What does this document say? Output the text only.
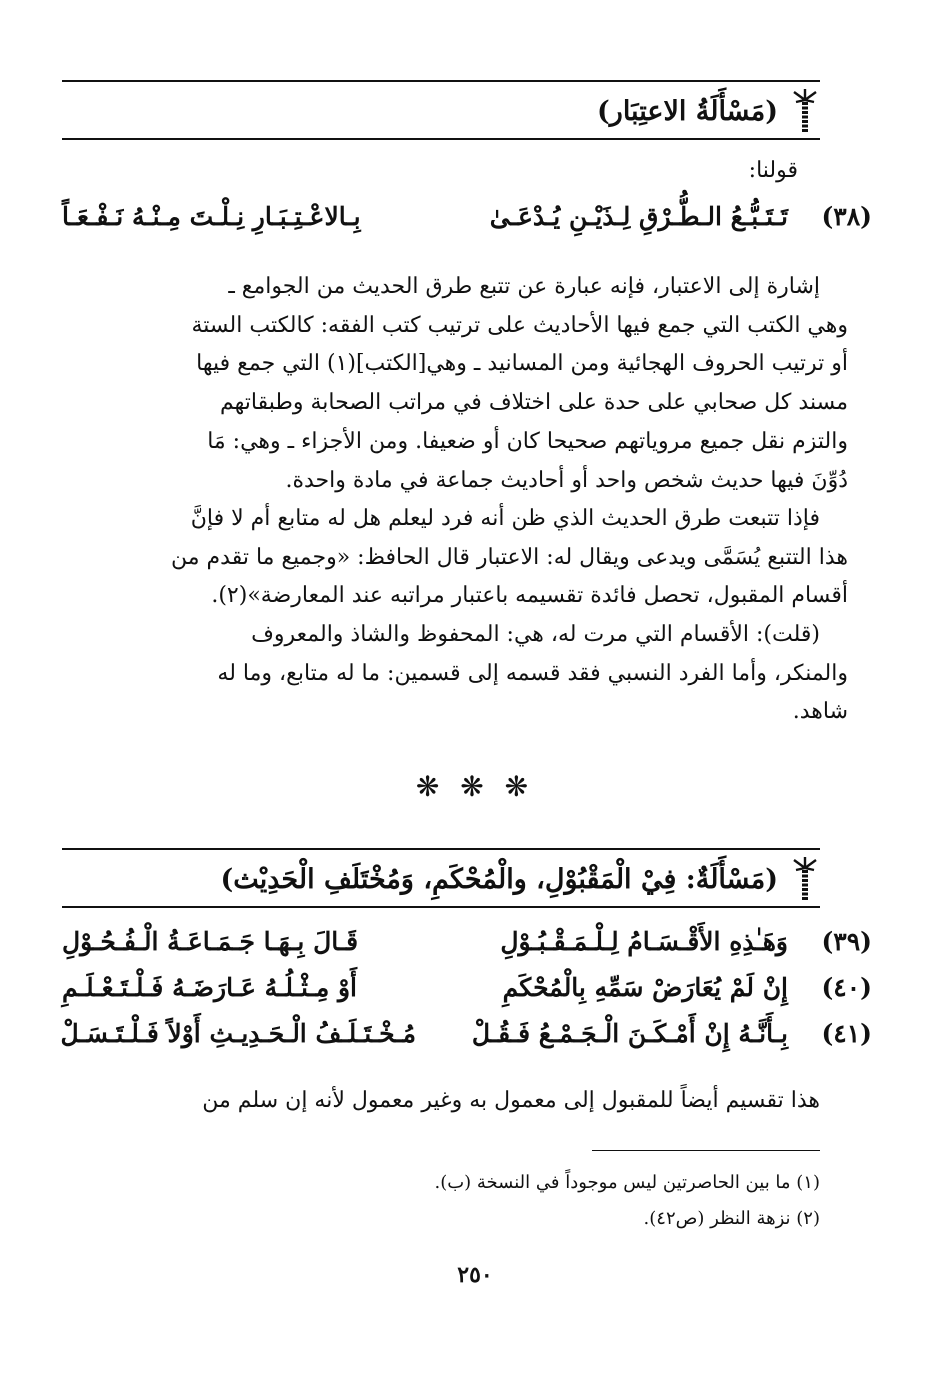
(مَسْأَلَةُ الاعتِبَار)
قولنا:
(٣٨)
تَـتَـبُّـعُ الـطُّـرْقِ لِـذَيْـنِ يُـدْعَـىٰ
بِـالاعْـتِـبَـارِ نِـلْـتَ مِـنْـهُ نَـفْـعَـاً
إشارة إلى الاعتبار، فإنه عبارة عن تتبع طرق الحديث من الجوامع ـ
وهي الكتب التي جمع فيها الأحاديث على ترتيب كتب الفقه: كالكتب الستة
أو ترتيب الحروف الهجائية ومن المسانيد ـ وهي[الكتب](١) التي جمع فيها
مسند كل صحابي على حدة على اختلاف في مراتب الصحابة وطبقاتهم
والتزم نقل جميع مروياتهم صحيحا كان أو ضعيفا. ومن الأجزاء ـ وهي: مَا
دُوِّنَ فيها حديث شخص واحد أو أحاديث جماعة في مادة واحدة.
فإذا تتبعت طرق الحديث الذي ظن أنه فرد ليعلم هل له متابع أم لا فإنَّ
هذا التتبع يُسَمَّى ويدعى ويقال له: الاعتبار قال الحافظ: «وجميع ما تقدم من
أقسام المقبول، تحصل فائدة تقسيمه باعتبار مراتبه عند المعارضة»(٢).
(قلت): الأقسام التي مرت له، هي: المحفوظ والشاذ والمعروف
والمنكر، وأما الفرد النسبي فقد قسمه إلى قسمين: ما له متابع، وما له
شاهد.
❋ ❋ ❋
(مَسْأَلَةٌ: فِيْ الْمَقْبُوْلِ، والْمُحْكَمِ، وَمُخْتَلَفِ الْحَدِيْث)
(٣٩)
وَهَـٰذِهِ الأَقْـسَـامُ لِـلْـمَـقْـبُـوْلِ
قَـالَ بِـهَـا جَـمَـاعَـةُ الْـفُـحُـوْلِ
(٤٠)
إِنْ لَمْ يُعَارَضْ سَمِّهِ بِالْمُحْكَمِ
أَوْ مِـثْـلُـهُ عَـارَضَـهُ فَـلْـتَـعْـلَـمِ
(٤١)
بِـأَنَّـهُ إِنْ أَمْـكَـنَ الْـجَـمْـعُ فَـقُـلْ
مُـخْـتَـلَـفُ الْـحَـدِيـثِ أَوْلاً فَـلْـتَـسَـلْ
هذا تقسيم أيضاً للمقبول إلى معمول به وغير معمول لأنه إن سلم من
(١) ما بين الحاصرتين ليس موجوداً في النسخة (ب).
(٢) نزهة النظر (ص٤٢).
٢٥٠
